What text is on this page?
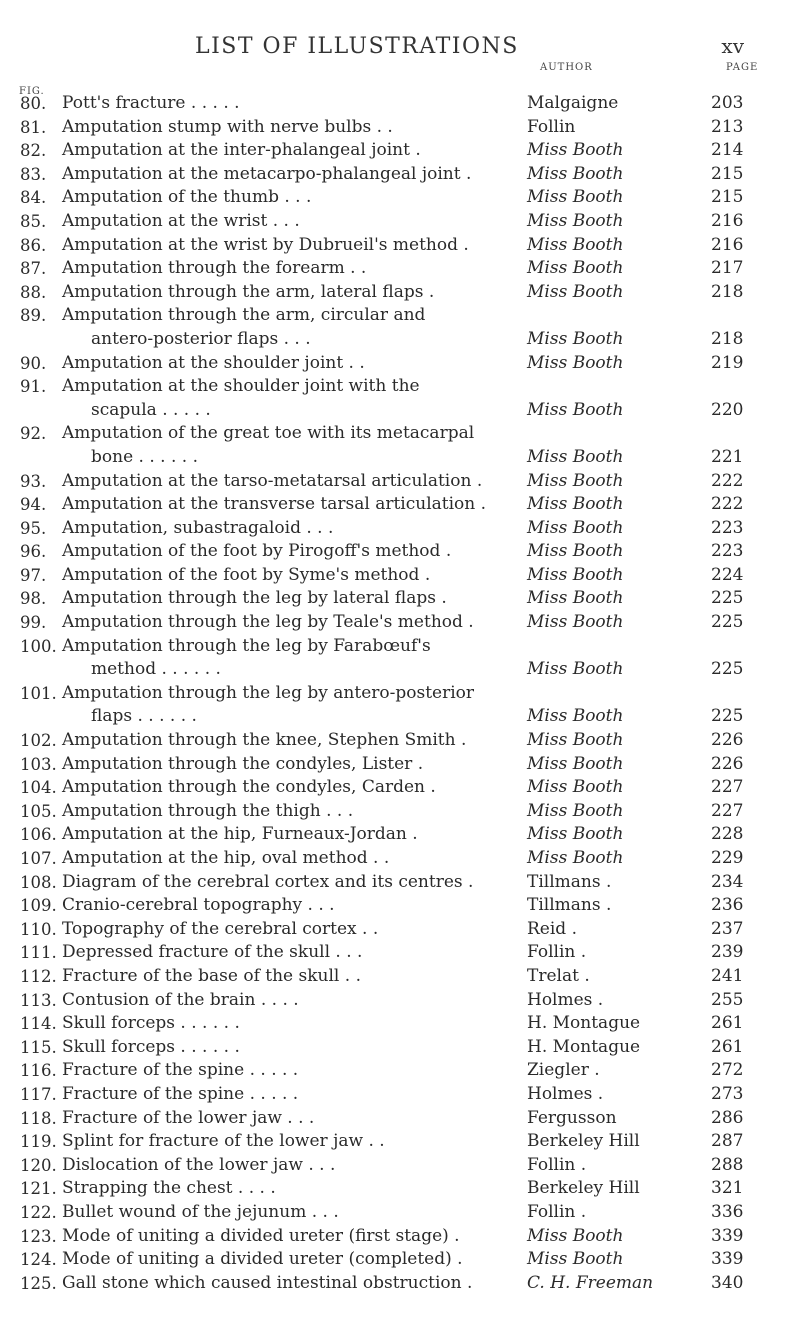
LIST OF ILLUSTRATIONS	xv
FIG.
AUTHOR	PAGE
80. Pott's fracture . . . . .	Malgaigne	203
81. Amputation stump with nerve bulbs . .	Follin	213
82. Amputation at the inter-phalangeal joint .	Miss Booth	214
83. Amputation at the metacarpo-phalangeal joint .	Miss Booth	215
84. Amputation of the thumb . . .	Miss Booth	215
85. Amputation at the wrist . . .	Miss Booth	216
86. Amputation at the wrist by Dubrueil's method .	Miss Booth	216
87. Amputation through the forearm . .	Miss Booth	217
88. Amputation through the arm, lateral flaps .	Miss Booth	218
89. Amputation through the arm, circular and
antero-posterior flaps . . .	Miss Booth	218
90. Amputation at the shoulder joint . .	Miss Booth	219
91. Amputation at the shoulder joint with the
scapula . . . . .	Miss Booth	220
92. Amputation of the great toe with its metacarpal
bone . . . . . .	Miss Booth	221
93. Amputation at the tarso-metatarsal articulation .	Miss Booth	222
94. Amputation at the transverse tarsal articulation . Miss Booth	222
95. Amputation, subastragaloid . . .	Miss Booth	223
96. Amputation of the foot by Pirogoff's method .	Miss Booth	223
97. Amputation of the foot by Syme's method .	Miss Booth	224
98. Amputation through the leg by lateral flaps .	Miss Booth	225
99. Amputation through the leg by Teale's method .	Miss Booth	225
100. Amputation through the leg by Farabœuf's
method . . . . . .	Miss Booth	225
101. Amputation through the leg by antero-posterior
flaps . . . . . .	Miss Booth	225
102. Amputation through the knee, Stephen Smith .	Miss Booth	226
103. Amputation through the condyles, Lister .	Miss Booth	226
104. Amputation through the condyles, Carden .	Miss Booth	227
105. Amputation through the thigh . . .	Miss Booth	227
106. Amputation at the hip, Furneaux-Jordan .	Miss Booth	228
107. Amputation at the hip, oval method . .	Miss Booth	229
108. Diagram of the cerebral cortex and its centres .	Tillmans .	234
109. Cranio-cerebral topography . . .	Tillmans .	236
110. Topography of the cerebral cortex . .	Reid .	237
111. Depressed fracture of the skull . . .	Follin .	239
112. Fracture of the base of the skull . .	Trelat .	241
113. Contusion of the brain . . . .	Holmes .	255
114. Skull forceps . . . . . .	H. Montague	261
115. Skull forceps . . . . . .	H. Montague	261
116. Fracture of the spine . . . . .	Ziegler .	272
117. Fracture of the spine . . . . .	Holmes .	273
118. Fracture of the lower jaw . . .	Fergusson	286
119. Splint for fracture of the lower jaw . .	Berkeley Hill	287
120. Dislocation of the lower jaw . . .	Follin .	288
121. Strapping the chest . . . .	Berkeley Hill	321
122. Bullet wound of the jejunum . . .	Follin .	336
123. Mode of uniting a divided ureter (first stage) .	Miss Booth	339
124. Mode of uniting a divided ureter (completed) .	Miss Booth	339
125. Gall stone which caused intestinal obstruction .	C. H. Freeman	340
